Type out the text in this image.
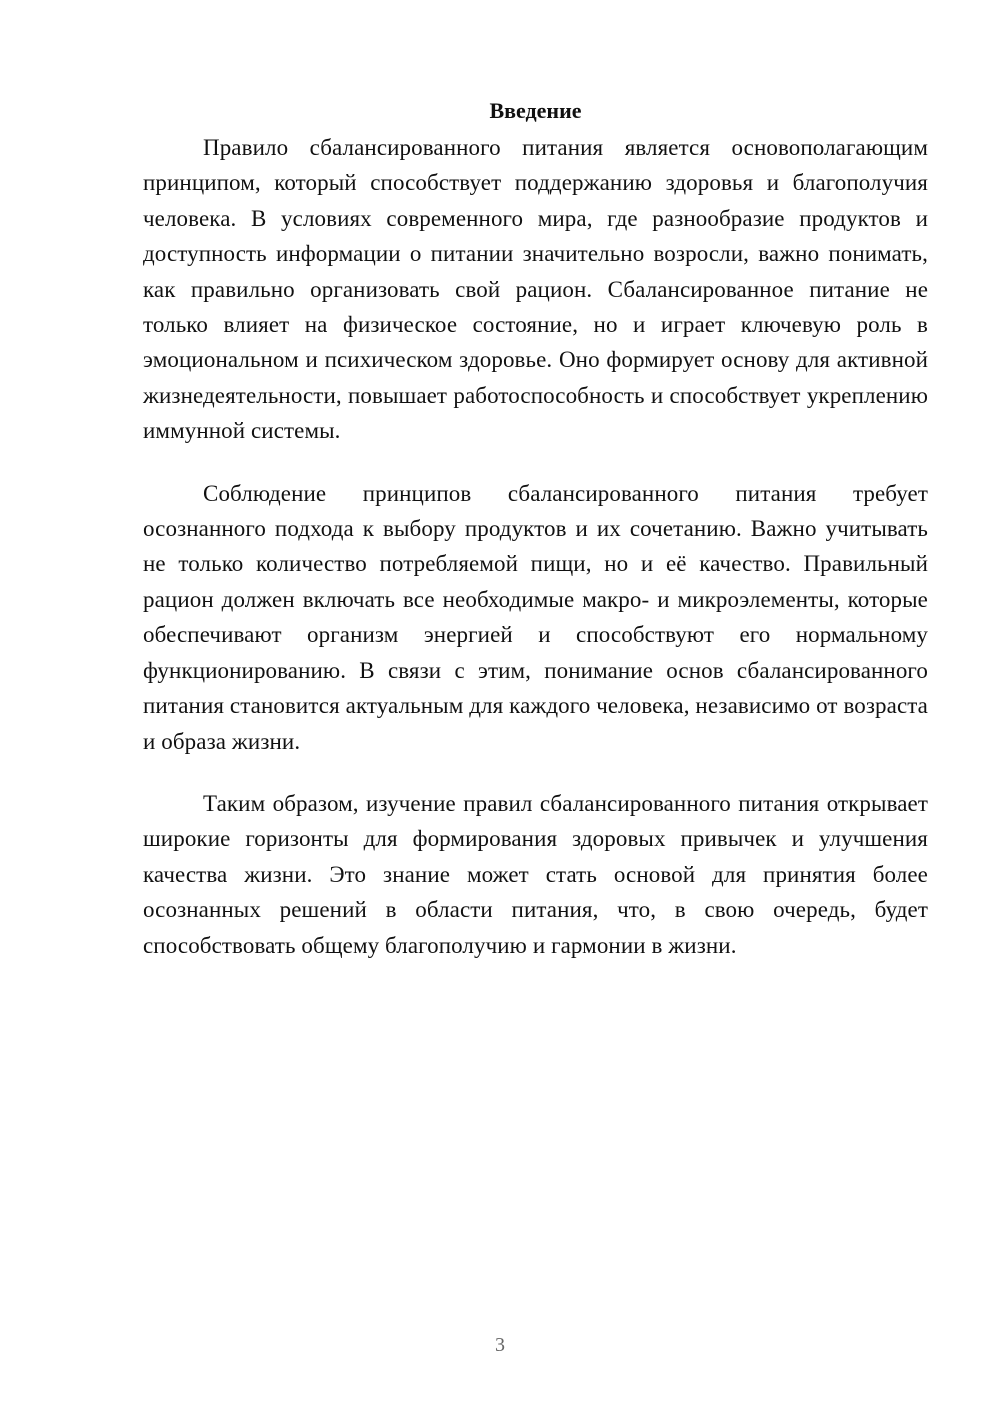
Введение

Правило сбалансированного питания является основополагающим принципом, который способствует поддержанию здоровья и благополучия человека. В условиях современного мира, где разнообразие продуктов и доступность информации о питании значительно возросли, важно понимать, как правильно организовать свой рацион. Сбалансированное питание не только влияет на физическое состояние, но и играет ключевую роль в эмоциональном и психическом здоровье. Оно формирует основу для активной жизнедеятельности, повышает работоспособность и способствует укреплению иммунной системы.

Соблюдение принципов сбалансированного питания требует осознанного подхода к выбору продуктов и их сочетанию. Важно учитывать не только количество потребляемой пищи, но и её качество. Правильный рацион должен включать все необходимые макро- и микроэлементы, которые обеспечивают организм энергией и способствуют его нормальному функционированию. В связи с этим, понимание основ сбалансированного питания становится актуальным для каждого человека, независимо от возраста и образа жизни.

Таким образом, изучение правил сбалансированного питания открывает широкие горизонты для формирования здоровых привычек и улучшения качества жизни. Это знание может стать основой для принятия более осознанных решений в области питания, что, в свою очередь, будет способствовать общему благополучию и гармонии в жизни.

3
